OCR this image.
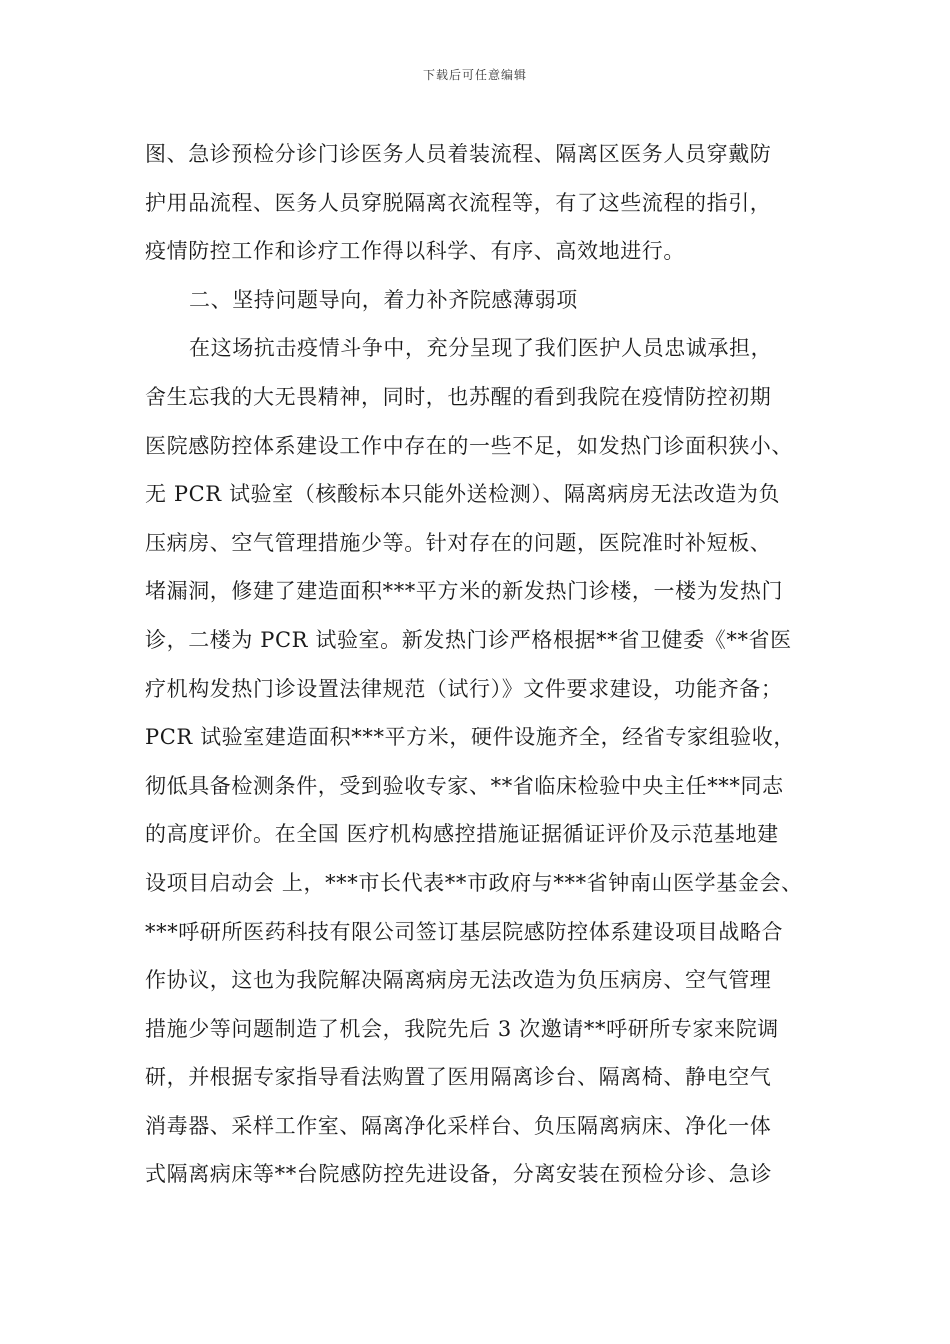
下载后可任意编辑
图、急诊预检分诊门诊医务人员着装流程、隔离区医务人员穿戴防
护用品流程、医务人员穿脱隔离衣流程等，有了这些流程的指引，
疫情防控工作和诊疗工作得以科学、有序、高效地进行。
二、坚持问题导向，着力补齐院感薄弱项
在这场抗击疫情斗争中，充分呈现了我们医护人员忠诚承担，
舍生忘我的大无畏精神，同时，也苏醒的看到我院在疫情防控初期
医院感防控体系建设工作中存在的一些不足，如发热门诊面积狭小、
无 PCR 试验室（核酸标本只能外送检测）、隔离病房无法改造为负
压病房、空气管理措施少等。针对存在的问题，医院准时补短板、
堵漏洞，修建了建造面积***平方米的新发热门诊楼，一楼为发热门
诊，二楼为 PCR 试验室。新发热门诊严格根据**省卫健委《**省医
疗机构发热门诊设置法律规范（试行）》文件要求建设，功能齐备；
PCR 试验室建造面积***平方米，硬件设施齐全，经省专家组验收，
彻低具备检测条件，受到验收专家、**省临床检验中央主任***同志
的高度评价。在全国 医疗机构感控措施证据循证评价及示范基地建
设项目启动会 上，***市长代表**市政府与***省钟南山医学基金会、
***呼研所医药科技有限公司签订基层院感防控体系建设项目战略合
作协议，这也为我院解决隔离病房无法改造为负压病房、空气管理
措施少等问题制造了机会，我院先后 3 次邀请**呼研所专家来院调
研，并根据专家指导看法购置了医用隔离诊台、隔离椅、静电空气
消毒器、采样工作室、隔离净化采样台、负压隔离病床、净化一体
式隔离病床等**台院感防控先进设备，分离安装在预检分诊、急诊
